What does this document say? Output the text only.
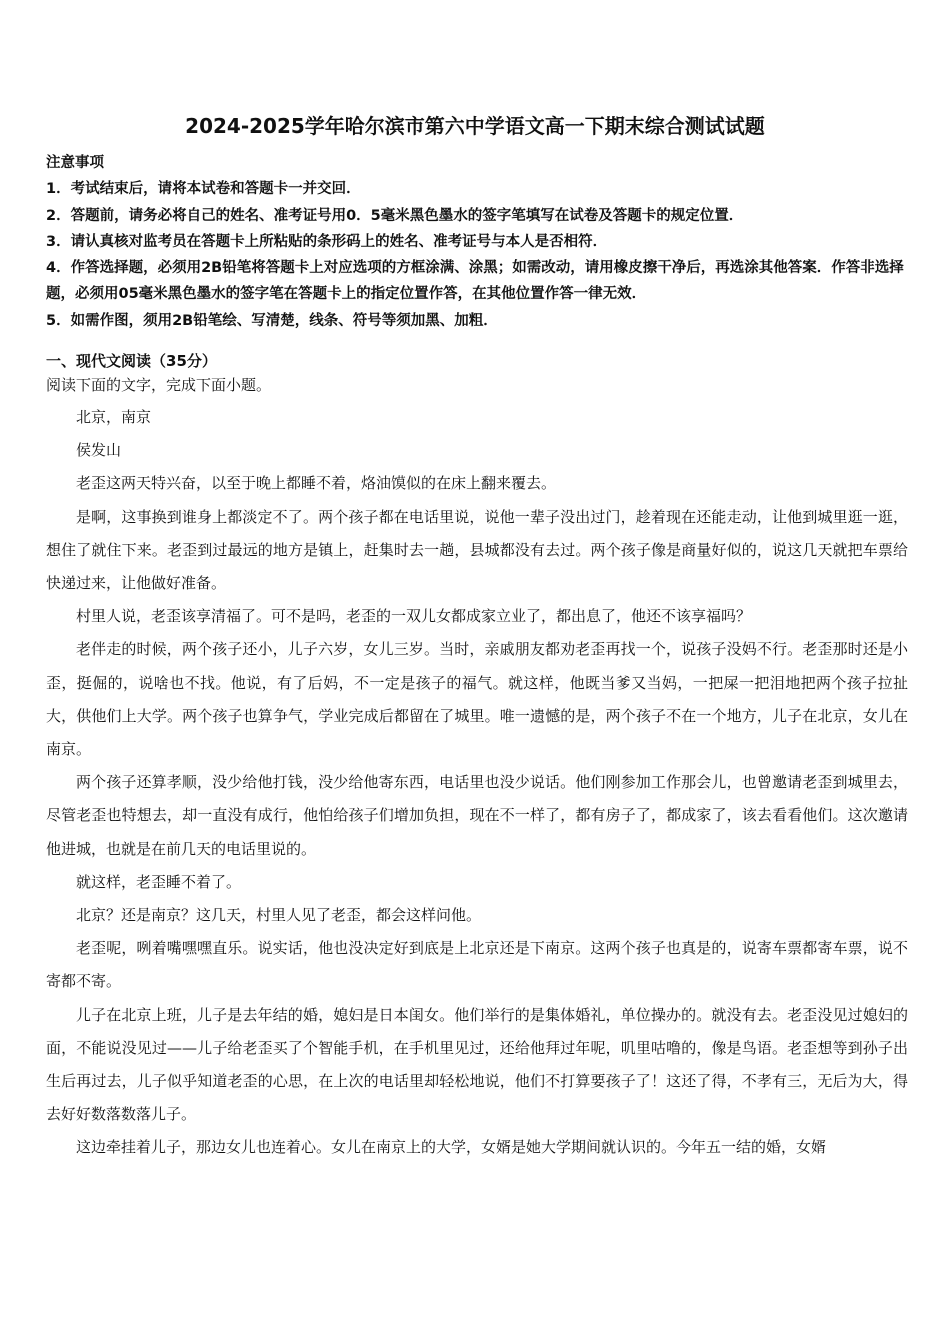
2024-2025学年哈尔滨市第六中学语文高一下期末综合测试试题
注意事项
1．考试结束后，请将本试卷和答题卡一并交回．
2．答题前，请务必将自己的姓名、准考证号用0．5毫米黑色墨水的签字笔填写在试卷及答题卡的规定位置．
3．请认真核对监考员在答题卡上所粘贴的条形码上的姓名、准考证号与本人是否相符．
4．作答选择题，必须用2B铅笔将答题卡上对应选项的方框涂满、涂黑；如需改动，请用橡皮擦干净后，再选涂其他答案．作答非选择题，必须用05毫米黑色墨水的签字笔在答题卡上的指定位置作答，在其他位置作答一律无效．
5．如需作图，须用2B铅笔绘、写清楚，线条、符号等须加黑、加粗．
一、现代文阅读（35分）
阅读下面的文字，完成下面小题。

北京，南京

侯发山

老歪这两天特兴奋，以至于晚上都睡不着，烙油馍似的在床上翻来覆去。

是啊，这事换到谁身上都淡定不了。两个孩子都在电话里说，说他一辈子没出过门，趁着现在还能走动，让他到城里逛一逛，想住了就住下来。老歪到过最远的地方是镇上，赶集时去一趟，县城都没有去过。两个孩子像是商量好似的，说这几天就把车票给快递过来，让他做好准备。

村里人说，老歪该享清福了。可不是吗，老歪的一双儿女都成家立业了，都出息了，他还不该享福吗？

老伴走的时候，两个孩子还小，儿子六岁，女儿三岁。当时，亲戚朋友都劝老歪再找一个，说孩子没妈不行。老歪那时还是小歪，挺倔的，说啥也不找。他说，有了后妈，不一定是孩子的福气。就这样，他既当爹又当妈，一把屎一把泪地把两个孩子拉扯大，供他们上大学。两个孩子也算争气，学业完成后都留在了城里。唯一遗憾的是，两个孩子不在一个地方，儿子在北京，女儿在南京。

两个孩子还算孝顺，没少给他打钱，没少给他寄东西，电话里也没少说话。他们刚参加工作那会儿，也曾邀请老歪到城里去，尽管老歪也特想去，却一直没有成行，他怕给孩子们增加负担，现在不一样了，都有房子了，都成家了，该去看看他们。这次邀请他进城，也就是在前几天的电话里说的。

就这样，老歪睡不着了。

北京？还是南京？这几天，村里人见了老歪，都会这样问他。

老歪呢，咧着嘴嘿嘿直乐。说实话，他也没决定好到底是上北京还是下南京。这两个孩子也真是的，说寄车票都寄车票，说不寄都不寄。

儿子在北京上班，儿子是去年结的婚，媳妇是日本闺女。他们举行的是集体婚礼，单位操办的。就没有去。老歪没见过媳妇的面，不能说没见过——儿子给老歪买了个智能手机，在手机里见过，还给他拜过年呢，叽里咕噜的，像是鸟语。老歪想等到孙子出生后再过去，儿子似乎知道老歪的心思，在上次的电话里却轻松地说，他们不打算要孩子了！这还了得，不孝有三，无后为大，得去好好数落数落儿子。

这边牵挂着儿子，那边女儿也连着心。女儿在南京上的大学，女婿是她大学期间就认识的。今年五一结的婚，女婿
